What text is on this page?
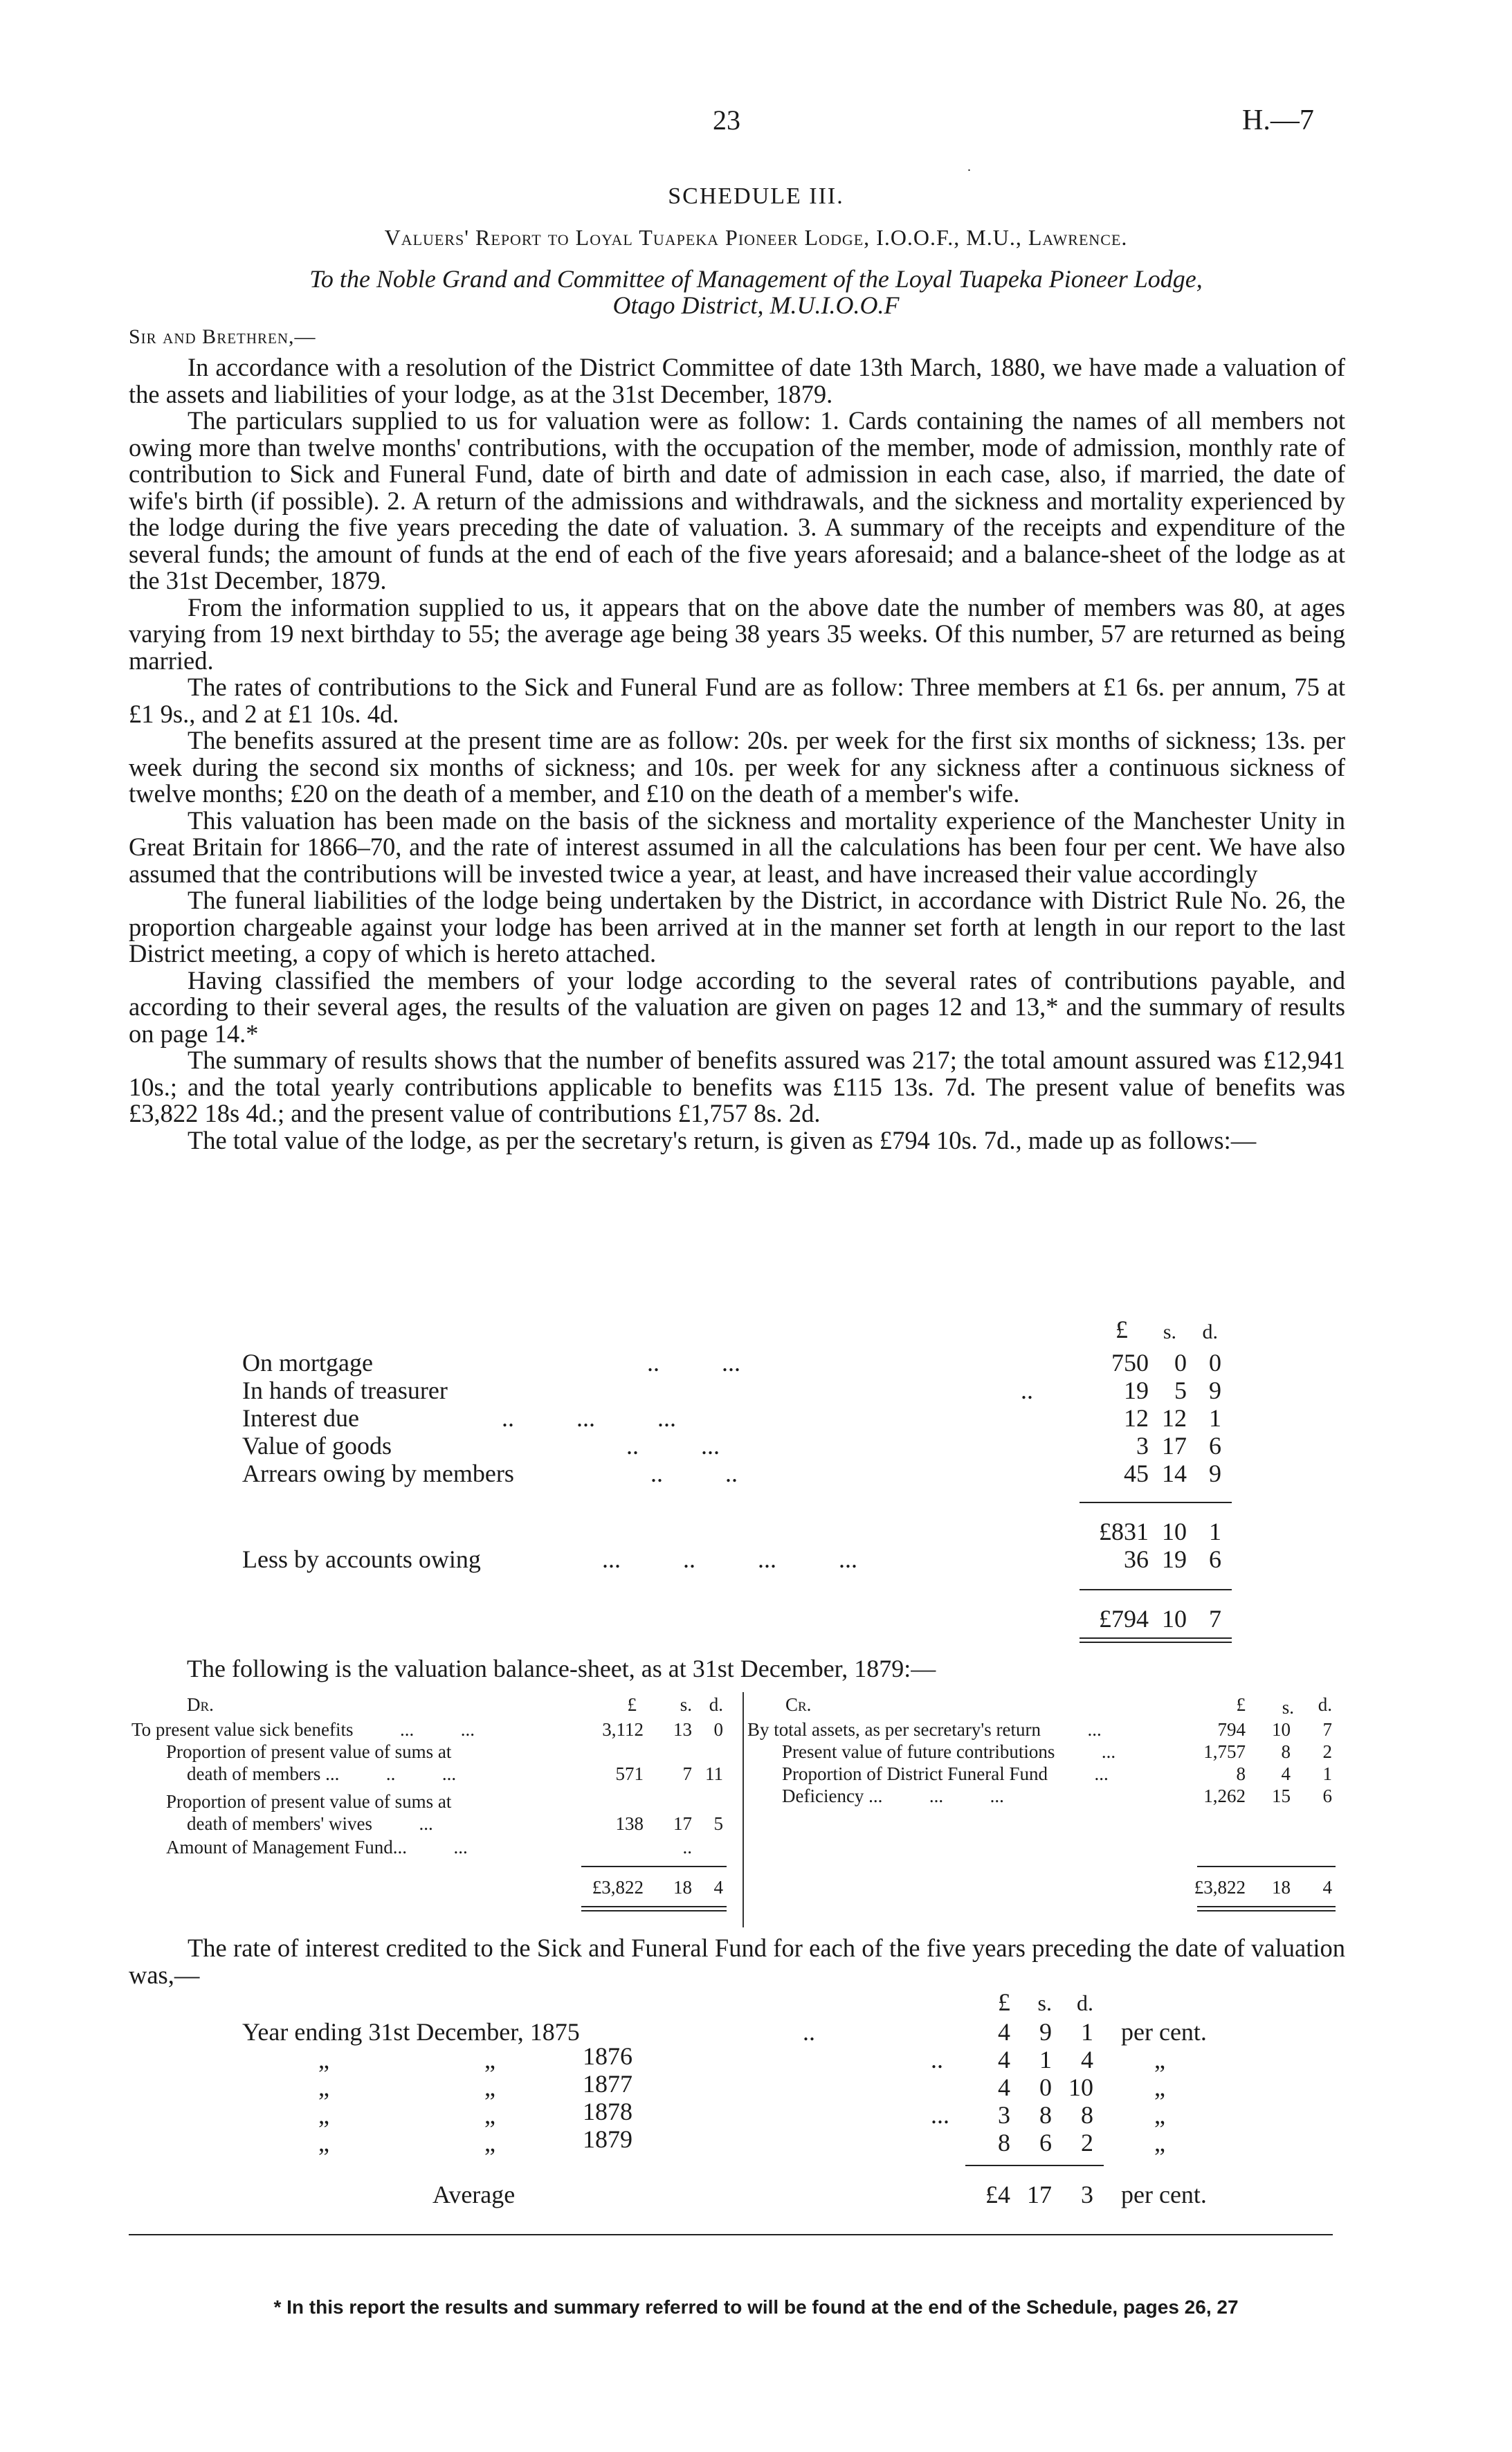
23	H.—7
.
SCHEDULE III.
Valuers' Report to Loyal Tuapeka Pioneer Lodge, I.O.O.F., M.U., Lawrence.
To the Noble Grand and Committee of Management of the Loyal Tuapeka Pioneer Lodge,
Otago District, M.U.I.O.O.F
Sir and Brethren,—

In accordance with a resolution of the District Committee of date 13th March, 1880, we have made a valuation of the assets and liabilities of your lodge, as at the 31st December, 1879.

The particulars supplied to us for valuation were as follow: 1. Cards containing the names of all members not owing more than twelve months' contributions, with the occupation of the member, mode of admission, monthly rate of contribution to Sick and Funeral Fund, date of birth and date of admission in each case, also, if married, the date of wife's birth (if possible). 2. A return of the admissions and withdrawals, and the sickness and mortality experienced by the lodge during the five years preceding the date of valuation. 3. A summary of the receipts and expenditure of the several funds; the amount of funds at the end of each of the five years aforesaid; and a balance-sheet of the lodge as at the 31st December, 1879.

From the information supplied to us, it appears that on the above date the number of members was 80, at ages varying from 19 next birthday to 55; the average age being 38 years 35 weeks. Of this number, 57 are returned as being married.

The rates of contributions to the Sick and Funeral Fund are as follow: Three members at £1 6s. per annum, 75 at £1 9s., and 2 at £1 10s. 4d.

The benefits assured at the present time are as follow: 20s. per week for the first six months of sickness; 13s. per week during the second six months of sickness; and 10s. per week for any sickness after a continuous sickness of twelve months; £20 on the death of a member, and £10 on the death of a member's wife.

This valuation has been made on the basis of the sickness and mortality experience of the Manchester Unity in Great Britain for 1866–70, and the rate of interest assumed in all the calculations has been four per cent. We have also assumed that the contributions will be invested twice a year, at least, and have increased their value accordingly

The funeral liabilities of the lodge being undertaken by the District, in accordance with District Rule No. 26, the proportion chargeable against your lodge has been arrived at in the manner set forth at length in our report to the last District meeting, a copy of which is hereto attached.

Having classified the members of your lodge according to the several rates of contributions payable, and according to their several ages, the results of the valuation are given on pages 12 and 13,* and the summary of results on page 14.*

The summary of results shows that the number of benefits assured was 217; the total amount assured was £12,941 10s.; and the total yearly contributions applicable to benefits was £115 13s. 7d. The present value of benefits was £3,822 18s 4d.; and the present value of contributions £1,757 8s. 2d.

The total value of the lodge, as per the secretary's return, is given as £794 10s. 7d., made up as follows:—

£	s.	d.
On mortgage	..          ...	750	0 0
In hands of treasurer	..	19	5 9
Interest due	..          ...          ...	12 12 1
Value of goods	..          ...	3 17 6
Arrears owing by members	..          ..	45 14 9
£831 10 1
Less by accounts owing	...          ..          ...          ...	36 19 6
£794 10 7
The following is the valuation balance-sheet, as at 31st December, 1879:—
Dr.	£	s. d.	Cr.	£	s.	d.
To present value sick benefits          ...          ...	3,112	13	0
Proportion of present value of sums at
death of members ...          ..          ...	571	7 11
Proportion of present value of sums at
death of members' wives          ...	138	17	5
Amount of Management Fund...          ...	..
£3,822	18	4
By total assets, as per secretary's return          ...	794	10	7
Present value of future contributions          ...	1,757	8	2
Proportion of District Funeral Fund          ...	8	4	1
Deficiency ...          ...          ...	1,262	15	6
£3,822	18	4
The rate of interest credited to the Sick and Funeral Fund for each of the five years preceding the date of valuation was,—
£	s.	d.
Year ending 31st December, 1875	..	4	9	1 per cent.
„	„	1876	..	4	1	4 „
„	„	1877	4	0 10 „
„	„	1878	...	3	8	8 „
„	„	1879	8	6	2 „
Average	£4 17	3 per cent.
* In this report the results and summary referred to will be found at the end of the Schedule, pages 26, 27
